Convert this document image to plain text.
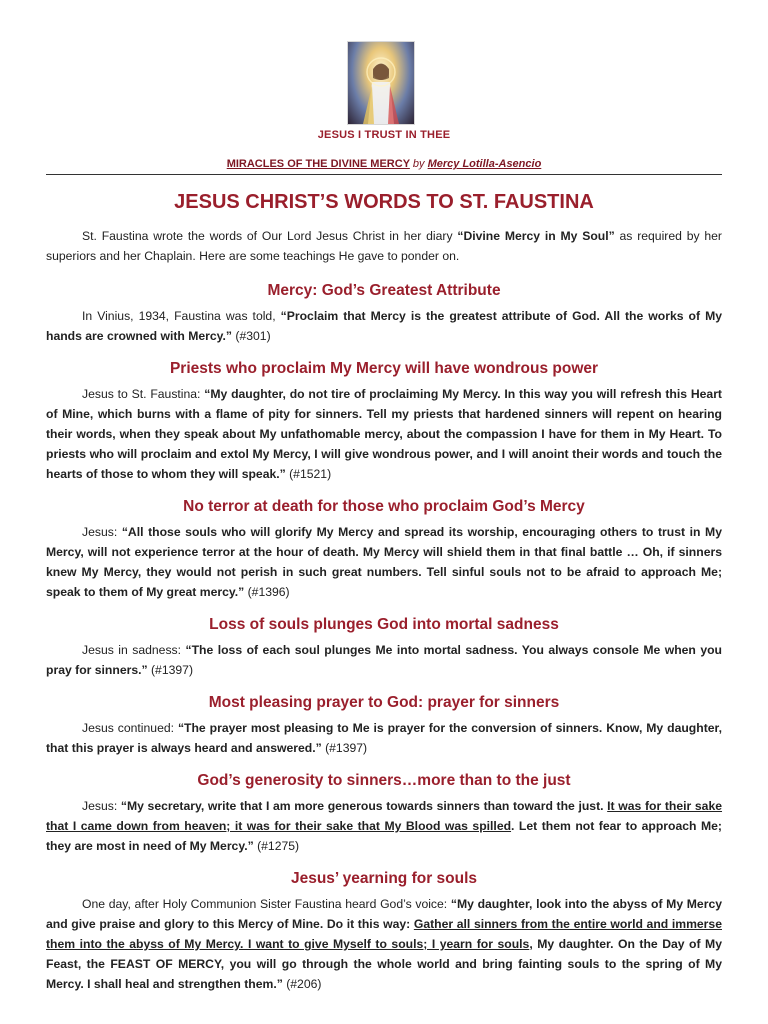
JESUS I TRUST IN THEE
MIRACLES OF THE DIVINE MERCY by Mercy Lotilla-Asencio
JESUS CHRIST’S WORDS TO ST. FAUSTINA

St. Faustina wrote the words of Our Lord Jesus Christ in her diary “Divine Mercy in My Soul” as required by her superiors and her Chaplain. Here are some teachings He gave to ponder on.

Mercy: God’s Greatest Attribute

In Vinius, 1934, Faustina was told, “Proclaim that Mercy is the greatest attribute of God. All the works of My hands are crowned with Mercy.” (#301)

Priests who proclaim My Mercy will have wondrous power

Jesus to St. Faustina: “My daughter, do not tire of proclaiming My Mercy. In this way you will refresh this Heart of Mine, which burns with a flame of pity for sinners. Tell my priests that hardened sinners will repent on hearing their words, when they speak about My unfathomable mercy, about the compassion I have for them in My Heart. To priests who will proclaim and extol My Mercy, I will give wondrous power, and I will anoint their words and touch the hearts of those to whom they will speak.” (#1521)

No terror at death for those who proclaim God’s Mercy

Jesus: “All those souls who will glorify My Mercy and spread its worship, encouraging others to trust in My Mercy, will not experience terror at the hour of death. My Mercy will shield them in that final battle … Oh, if sinners knew My Mercy, they would not perish in such great numbers. Tell sinful souls not to be afraid to approach Me; speak to them of My great mercy.” (#1396)

Loss of souls plunges God into mortal sadness

Jesus in sadness: “The loss of each soul plunges Me into mortal sadness. You always console Me when you pray for sinners.” (#1397)

Most pleasing prayer to God: prayer for sinners

Jesus continued: “The prayer most pleasing to Me is prayer for the conversion of sinners. Know, My daughter, that this prayer is always heard and answered.” (#1397)

God’s generosity to sinners…more than to the just

Jesus: “My secretary, write that I am more generous towards sinners than toward the just. It was for their sake that I came down from heaven; it was for their sake that My Blood was spilled. Let them not fear to approach Me; they are most in need of My Mercy.” (#1275)

Jesus’ yearning for souls

One day, after Holy Communion Sister Faustina heard God’s voice: “My daughter, look into the abyss of My Mercy and give praise and glory to this Mercy of Mine. Do it this way: Gather all sinners from the entire world and immerse them into the abyss of My Mercy. I want to give Myself to souls; I yearn for souls, My daughter. On the Day of My Feast, the FEAST OF MERCY, you will go through the whole world and bring fainting souls to the spring of My Mercy. I shall heal and strengthen them.” (#206)
